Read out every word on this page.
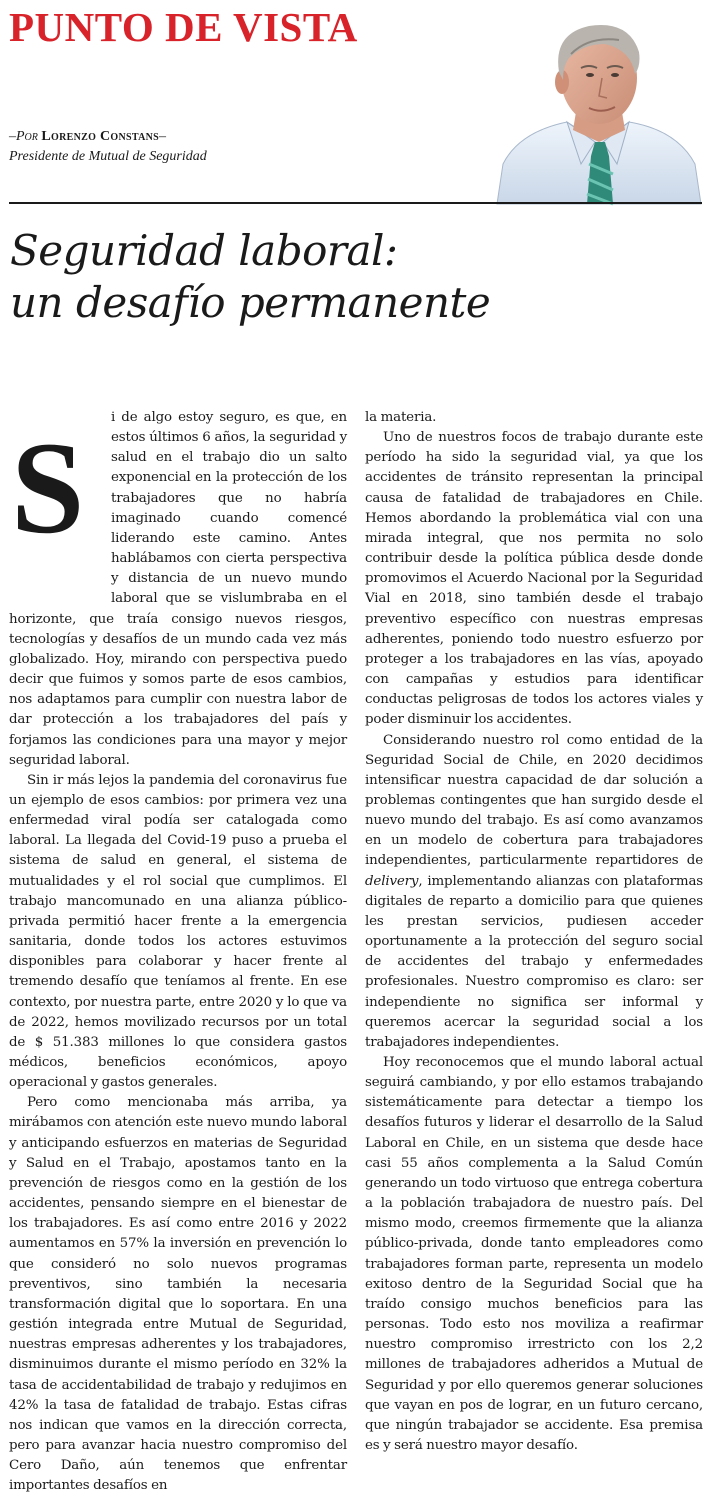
PUNTO DE VISTA
–Por Lorenzo Constans–
Presidente de Mutual de Seguridad
Seguridad laboral:
un desafío permanente

S	i de algo estoy seguro, es que, en estos últimos 6 años, la seguridad y salud en el trabajo dio un salto exponencial en la protección de los trabajadores que no habría imaginado cuando comencé liderando este camino. Antes hablábamos con cierta perspectiva y distancia de un nuevo mundo laboral que se vislumbraba en el horizonte, que traía consigo nuevos riesgos, tecnologías y desafíos de un mundo cada vez más globalizado. Hoy, mirando con perspectiva puedo decir que fuimos y somos parte de esos cambios, nos adaptamos para cumplir con nuestra labor de dar protección a los trabajadores del país y forjamos las condiciones para una mayor y mejor seguridad laboral.

Sin ir más lejos la pandemia del coronavirus fue un ejemplo de esos cambios: por primera vez una enfermedad viral podía ser catalogada como laboral. La llegada del Covid-19 puso a prueba el sistema de salud en general, el sistema de mutualidades y el rol social que cumplimos. El trabajo mancomunado en una alianza público-privada permitió hacer frente a la emergencia sanitaria, donde todos los actores estuvimos disponibles para colaborar y hacer frente al tremendo desafío que teníamos al frente. En ese contexto, por nuestra parte, entre 2020 y lo que va de 2022, hemos movilizado recursos por un total de $ 51.383 millones lo que considera gastos médicos, beneficios económicos, apoyo operacional y gastos generales.

Pero como mencionaba más arriba, ya mirábamos con atención este nuevo mundo laboral y anticipando esfuerzos en materias de Seguridad y Salud en el Trabajo, apostamos tanto en la prevención de riesgos como en la gestión de los accidentes, pensando siempre en el bienestar de los trabajadores. Es así como entre 2016 y 2022 aumentamos en 57% la inversión en prevención lo que consideró no solo nuevos programas preventivos, sino también la necesaria transformación digital que lo soportara. En una gestión integrada entre Mutual de Seguridad, nuestras empresas adherentes y los trabajadores, disminuimos durante el mismo período en 32% la tasa de accidentabilidad de trabajo y redujimos en 42% la tasa de fatalidad de trabajo. Estas cifras nos indican que vamos en la dirección correcta, pero para avanzar hacia nuestro compromiso del Cero Daño, aún tenemos que enfrentar importantes desafíos en

la materia.

Uno de nuestros focos de trabajo durante este período ha sido la seguridad vial, ya que los accidentes de tránsito representan la principal causa de fatalidad de trabajadores en Chile. Hemos abordando la problemática vial con una mirada integral, que nos permita no solo contribuir desde la política pública desde donde promovimos el Acuerdo Nacional por la Seguridad Vial en 2018, sino también desde el trabajo preventivo específico con nuestras empresas adherentes, poniendo todo nuestro esfuerzo por proteger a los trabajadores en las vías, apoyado con campañas y estudios para identificar conductas peligrosas de todos los actores viales y poder disminuir los accidentes.

Considerando nuestro rol como entidad de la Seguridad Social de Chile, en 2020 decidimos intensificar nuestra capacidad de dar solución a problemas contingentes que han surgido desde el nuevo mundo del trabajo. Es así como avanzamos en un modelo de cobertura para trabajadores independientes, particularmente repartidores de delivery, implementando alianzas con plataformas digitales de reparto a domicilio para que quienes les prestan servicios, pudiesen acceder oportunamente a la protección del seguro social de accidentes del trabajo y enfermedades profesionales. Nuestro compromiso es claro: ser independiente no significa ser informal y queremos acercar la seguridad social a los trabajadores independientes.

Hoy reconocemos que el mundo laboral actual seguirá cambiando, y por ello estamos trabajando sistemáticamente para detectar a tiempo los desafíos futuros y liderar el desarrollo de la Salud Laboral en Chile, en un sistema que desde hace casi 55 años complementa a la Salud Común generando un todo virtuoso que entrega cobertura a la población trabajadora de nuestro país. Del mismo modo, creemos firmemente que la alianza público-privada, donde tanto empleadores como trabajadores forman parte, representa un modelo exitoso dentro de la Seguridad Social que ha traído consigo muchos beneficios para las personas. Todo esto nos moviliza a reafirmar nuestro compromiso irrestricto con los 2,2 millones de trabajadores adheridos a Mutual de Seguridad y por ello queremos generar soluciones que vayan en pos de lograr, en un futuro cercano, que ningún trabajador se accidente. Esa premisa es y será nuestro mayor desafío.
